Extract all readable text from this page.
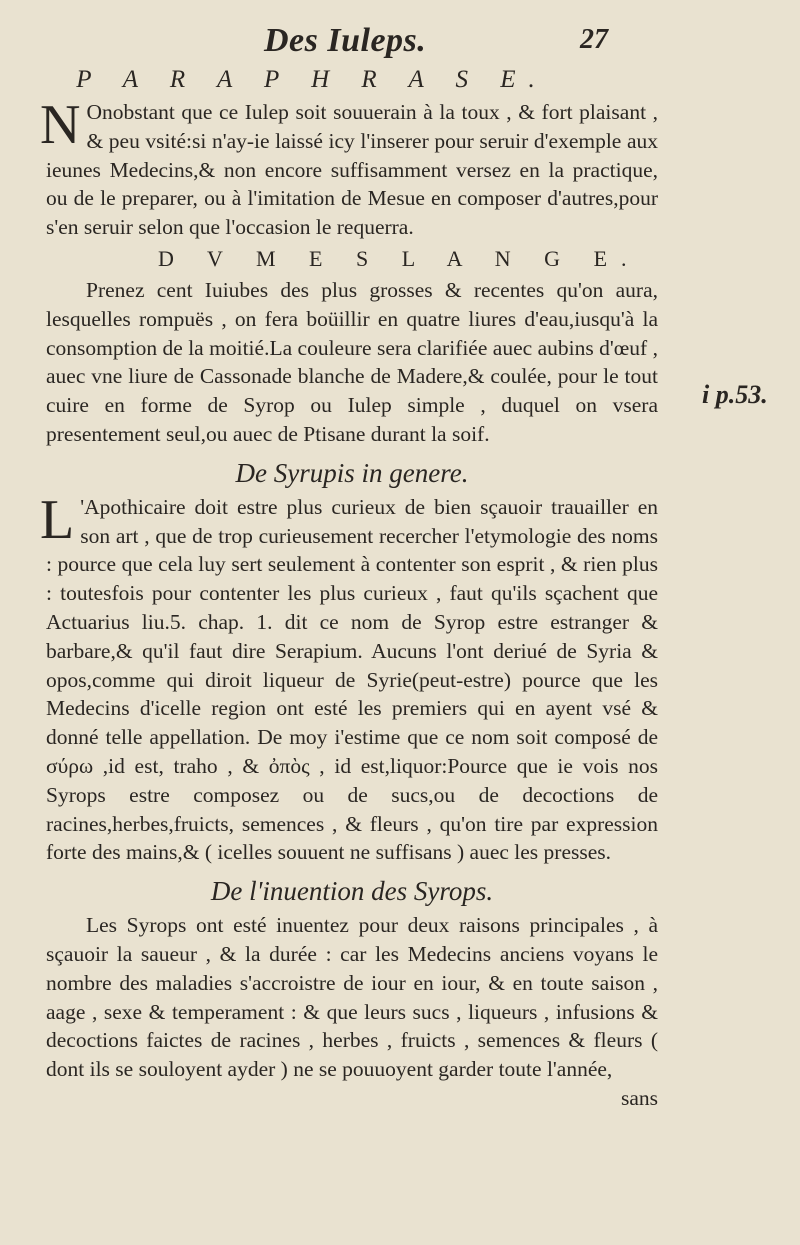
Des Iuleps.	27
P A R A P H R A S E.
N Onobstant que ce Iulep soit souuerain à la toux , & fort plaisant , & peu vsité:si n'ay-ie laissé icy l'inserer pour seruir d'exemple aux ieunes Medecins,& non encore suffisamment versez en la practique, ou de le preparer, ou à l'imitation de Mesue en composer d'autres,pour s'en seruir selon que l'occasion le requerra.
D V M E S L A N G E.
Prenez cent Iuiubes des plus grosses & recentes qu'on aura, lesquelles rompuës , on fera boüillir en quatre liures d'eau,iusqu'à la consomption de la moitié.La couleure sera clarifiée auec aubins d'œuf , auec vne liure de Cassonade blanche de Madere,& coulée, pour le tout cuire en forme de Syrop ou Iulep simple , duquel on vsera presentement seul,ou auec de Ptisane durant la soif.
De Syrupis in genere.
L 'Apothicaire doit estre plus curieux de bien sçauoir trauailler en son art , que de trop curieusement recercher l'etymologie des noms : pource que cela luy sert seulement à contenter son esprit , & rien plus : toutesfois pour contenter les plus curieux , faut qu'ils sçachent que Actuarius liu.5. chap. 1. dit ce nom de Syrop estre estranger & barbare,& qu'il faut dire Serapium. Aucuns l'ont deriué de Syria & opos,comme qui diroit liqueur de Syrie(peut-estre) pource que les Medecins d'icelle region ont esté les premiers qui en ayent vsé & donné telle appellation. De moy i'estime que ce nom soit composé de σύρω ,id est, traho , & ὀπὸς , id est,liquor:Pource que ie vois nos Syrops estre composez ou de sucs,ou de decoctions de racines,herbes,fruicts, semences , & fleurs , qu'on tire par expression forte des mains,& ( icelles souuent ne suffisans ) auec les presses.
De l'inuention des Syrops.
Les Syrops ont esté inuentez pour deux raisons principales , à sçauoir la saueur , & la durée : car les Medecins anciens voyans le nombre des maladies s'accroistre de iour en iour, & en toute saison , aage , sexe & temperament : & que leurs sucs , liqueurs , infusions & decoctions faictes de racines , herbes , fruicts , semences & fleurs ( dont ils se souloyent ayder ) ne se pouuoyent garder toute l'année,
sans
i p.53.
